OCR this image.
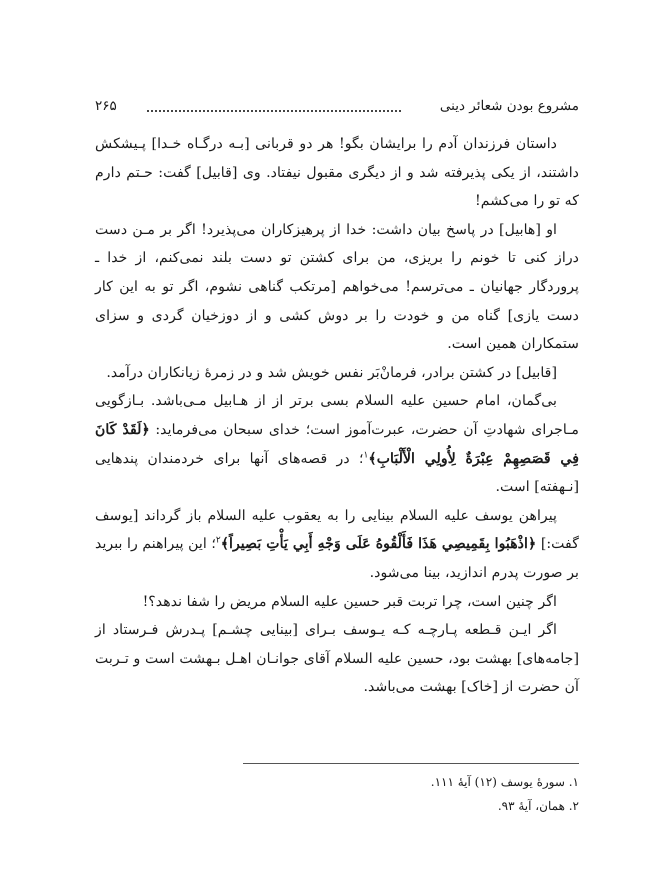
مشروع بودن شعائر دینی
۲۶۵

داستان فرزندان آدم را برایشان بگو! هر دو قربانی [بـه درگـاه خـدا] پـیشکش داشتند، از یکی پذیرفته شد و از دیگری مقبول نیفتاد. وی [قابیل] گفت: حـتم دارم که تو را می‌کشم!

او [هابیل] در پاسخ بیان داشت: خدا از پرهیزکاران می‌پذیرد! اگر بر مـن دست دراز کنی تا خونم را بریزی، من برای کشتن تو دست بلند نمی‌کنم، از خدا ـ پروردگار جهانیان ـ می‌ترسم! می‌خواهم [مرتکب گناهی نشوم، اگر تو به این کار دست یازی] گناه من و خودت را بر دوش کشی و از دوزخیان گردی و سزای ستمکاران همین است.

[قابیل] در کشتن برادر، فرمانْ‌بَر نفس خویش شد و در زمرهٔ زیانکاران درآمد.

بی‌گمان، امام حسین علیه السلام بسی برتر از از هـابیل مـی‌باشد. بـازگویی مـاجرای شهادتِ آن حضرت، عبرت‌آموز است؛ خدای سبحان می‌فرماید: ﴿لَقَدْ كَانَ فِي قَصَصِهِمْ عِبْرَةٌ لِأُولِي الْأَلْبَابِ﴾$^۱$؛ در قصه‌های آنها برای خردمندان پندهایی [نـهفته] است.

پیراهن یوسف علیه السلام بینایی را به یعقوب علیه السلام باز گرداند [یوسف گفت:] ﴿اذْهَبُوا بِقَمِيصِي هَذَا فَأَلْقُوهُ عَلَى وَجْهِ أَبِي يَأْتِ بَصِيراً﴾$^۲$؛ این پیراهنم را ببرید بر صورت پدرم اندازید، بینا می‌شود.

اگر چنین است، چرا تربت قبر حسین علیه السلام مریض را شفا ندهد؟!

اگر ایـن قـطعه پـارچـه کـه یـوسف بـرای [بینایی چشـم] پـدرش فـرستاد از [جامه‌های] بهشت بود، حسین علیه السلام آقای جوانـان اهـل بـهشت است و تـربت آن حضرت از [خاک] بهشت می‌باشد.

۱. سورهٔ یوسف (۱۲) آیهٔ ۱۱۱.

۲. همان، آیهٔ ۹۳.
